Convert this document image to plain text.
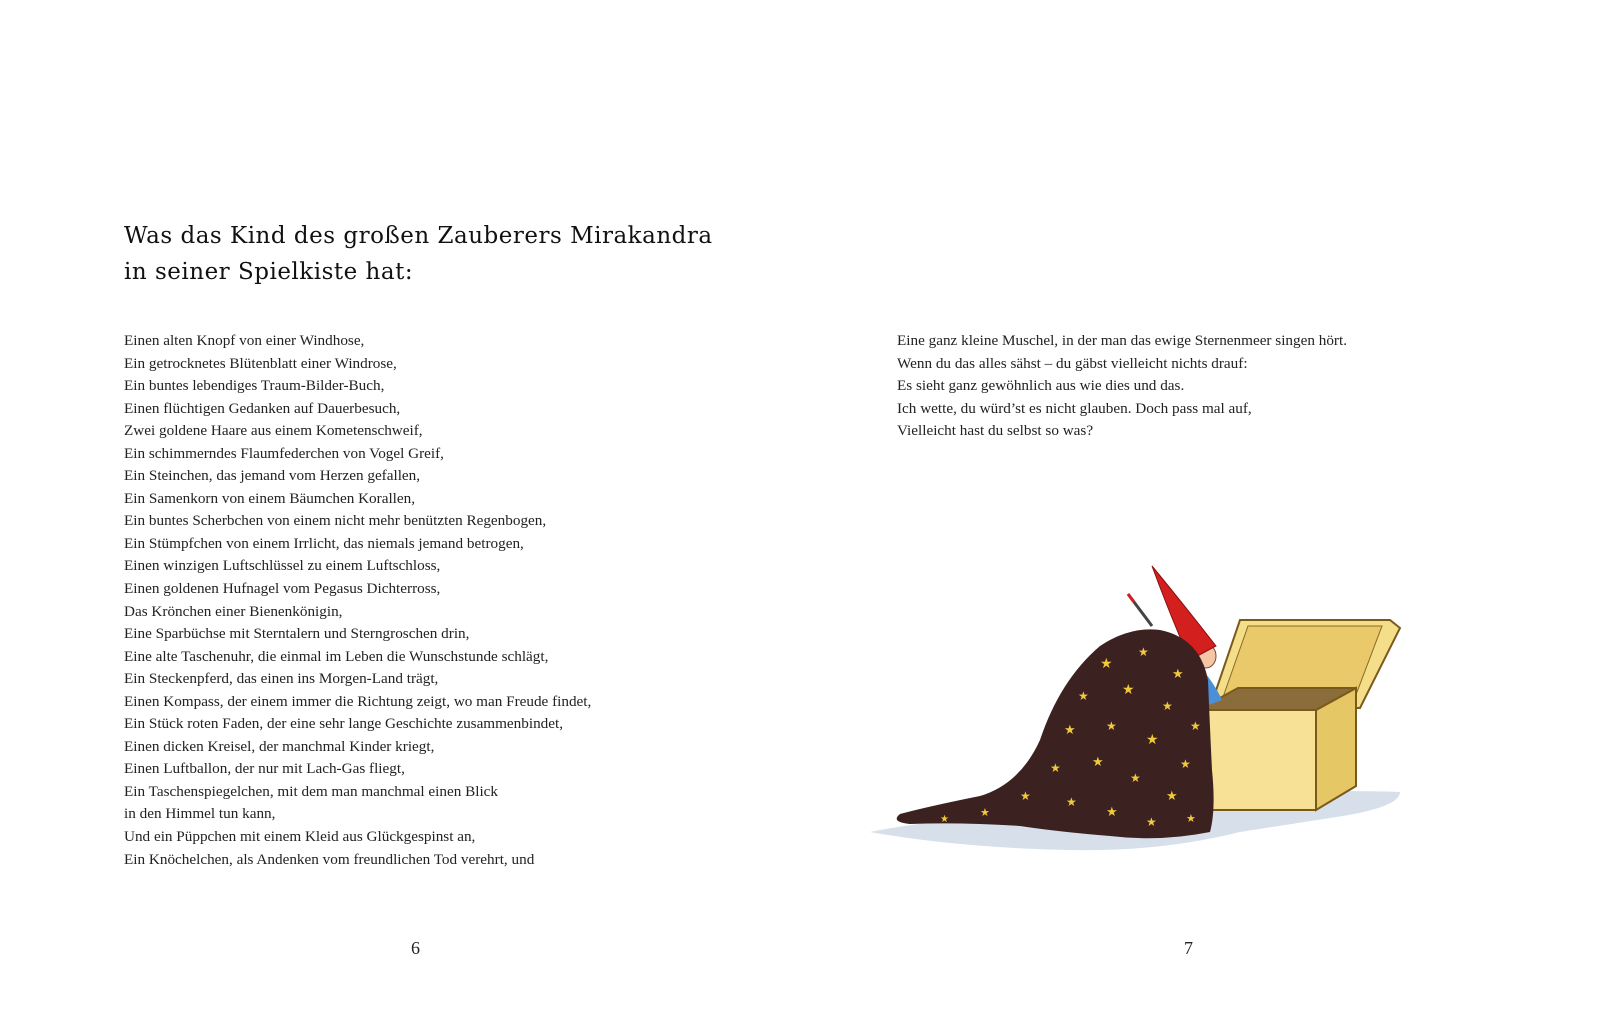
Was das Kind des großen Zauberers Mirakandra
in seiner Spielkiste hat:
Einen alten Knopf von einer Windhose,
Ein getrocknetes Blütenblatt einer Windrose,
Ein buntes lebendiges Traum-Bilder-Buch,
Einen flüchtigen Gedanken auf Dauerbesuch,
Zwei goldene Haare aus einem Kometenschweif,
Ein schimmerndes Flaumfederchen von Vogel Greif,
Ein Steinchen, das jemand vom Herzen gefallen,
Ein Samenkorn von einem Bäumchen Korallen,
Ein buntes Scherbchen von einem nicht mehr benützten Regenbogen,
Ein Stümpfchen von einem Irrlicht, das niemals jemand betrogen,
Einen winzigen Luftschlüssel zu einem Luftschloss,
Einen goldenen Hufnagel vom Pegasus Dichterross,
Das Krönchen einer Bienenkönigin,
Eine Sparbüchse mit Sterntalern und Sterngroschen drin,
Eine alte Taschenuhr, die einmal im Leben die Wunschstunde schlägt,
Ein Steckenpferd, das einen ins Morgen-Land trägt,
Einen Kompass, der einem immer die Richtung zeigt, wo man Freude findet,
Ein Stück roten Faden, der eine sehr lange Geschichte zusammenbindet,
Einen dicken Kreisel, der manchmal Kinder kriegt,
Einen Luftballon, der nur mit Lach-Gas fliegt,
Ein Taschenspiegelchen, mit dem man manchmal einen Blick
in den Himmel tun kann,
Und ein Püppchen mit einem Kleid aus Glückgespinst an,
Ein Knöchelchen, als Andenken vom freundlichen Tod verehrt, und
6
Eine ganz kleine Muschel, in der man das ewige Sternenmeer singen hört.
Wenn du das alles sähst – du gäbst vielleicht nichts drauf:
Es sieht ganz gewöhnlich aus wie dies und das.
Ich wette, du würd’st es nicht glauben. Doch pass mal auf,
Vielleicht hast du selbst so was?
★
★
★
★ ★
★
★
★	★
★
★
★ ★
★
★
★	★
★
★
★	★	★
7
